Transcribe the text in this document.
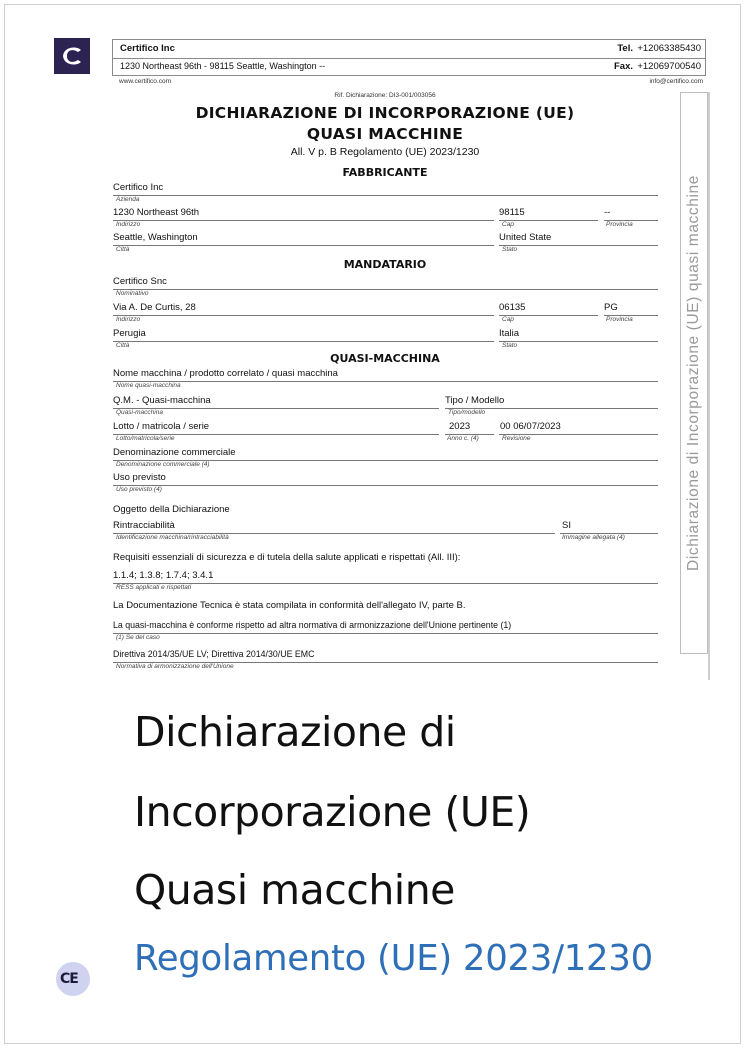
Certifico Inc	Tel. +12063385430
1230 Northeast 96th - 98115 Seattle, Washington --	Fax. +12069700540
www.certifico.com	info@certifico.com
Rif. Dichiarazione: DI3-001/003056
DICHIARAZIONE DI INCORPORAZIONE (UE)
QUASI MACCHINE
All. V p. B Regolamento (UE) 2023/1230
FABBRICANTE
Certifico Inc
Azienda
1230 Northeast 96th	98115	--
Indirizzo	Cap	Provincia
Seattle, Washington	United State
Città	Stato
MANDATARIO
Certifico Snc
Nominativo
Via A. De Curtis, 28	06135	PG
Indirizzo	Cap	Provincia
Perugia	Italia
Città	Stato
QUASI-MACCHINA
Nome macchina / prodotto correlato / quasi macchina
Nome quasi-macchina
Q.M. - Quasi-macchina	Tipo / Modello
Quasi-macchina	Tipo/modello
Lotto / matricola / serie	2023	00 06/07/2023
Lotto/matricola/serie	Anno c. (4)	Revisione
Denominazione commerciale
Denominazione commerciale (4)
Uso previsto
Uso previsto (4)
Oggetto della Dichiarazione
Rintracciabilità	SI
Identificazione macchina/rintracciabilità	Immagine allegata (4)
Requisiti essenziali di sicurezza e di tutela della salute applicati e rispettati (All. III):
1.1.4; 1.3.8; 1.7.4; 3.4.1
RESS applicati e rispettati
La Documentazione Tecnica è stata compilata in conformità dell'allegato IV, parte B.
La quasi-macchina è conforme rispetto ad altra normativa di armonizzazione dell'Unione pertinente (1)
(1) Se del caso
Direttiva 2014/35/UE LV; Direttiva 2014/30/UE EMC
Normativa di armonizzazione dell'Unione
Dichiarazione di Incorporazione (UE) quasi macchine
Dichiarazione di
Incorporazione (UE)
Quasi macchine
Regolamento (UE) 2023/1230
CE
